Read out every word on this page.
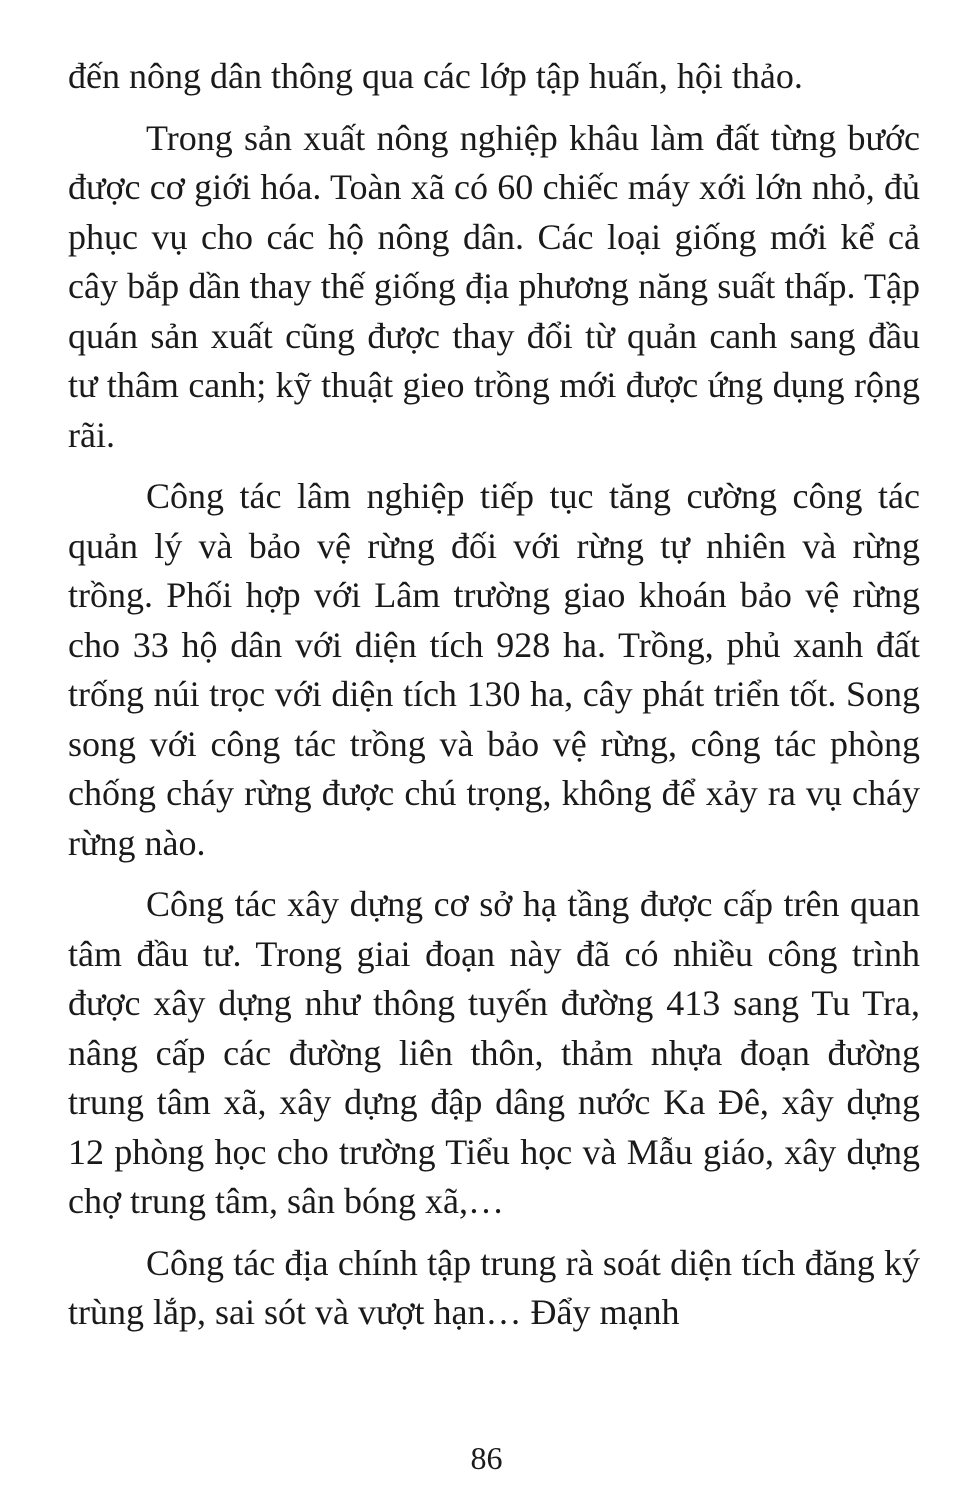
đến nông dân thông qua các lớp tập huấn, hội thảo.

Trong sản xuất nông nghiệp khâu làm đất từng bước được cơ giới hóa. Toàn xã có 60 chiếc máy xới lớn nhỏ, đủ phục vụ cho các hộ nông dân. Các loại giống mới kể cả cây bắp dần thay thế giống địa phương năng suất thấp. Tập quán sản xuất cũng được thay đổi từ quản canh sang đầu tư thâm canh; kỹ thuật gieo trồng mới được ứng dụng rộng rãi.

Công tác lâm nghiệp tiếp tục tăng cường công tác quản lý và bảo vệ rừng đối với rừng tự nhiên và rừng trồng. Phối hợp với Lâm trường giao khoán bảo vệ rừng cho 33 hộ dân với diện tích 928 ha. Trồng, phủ xanh đất trống núi trọc với diện tích 130 ha, cây phát triển tốt. Song song với công tác trồng và bảo vệ rừng, công tác phòng chống cháy rừng được chú trọng, không để xảy ra vụ cháy rừng nào.

Công tác xây dựng cơ sở hạ tầng được cấp trên quan tâm đầu tư. Trong giai đoạn này đã có nhiều công trình được xây dựng như thông tuyến đường 413 sang Tu Tra, nâng cấp các đường liên thôn, thảm nhựa đoạn đường trung tâm xã, xây dựng đập dâng nước Ka Đê, xây dựng 12 phòng học cho trường Tiểu học và Mẫu giáo, xây dựng chợ trung tâm, sân bóng xã,…

Công tác địa chính tập trung rà soát diện tích đăng ký trùng lắp, sai sót và vượt hạn… Đẩy mạnh

86
